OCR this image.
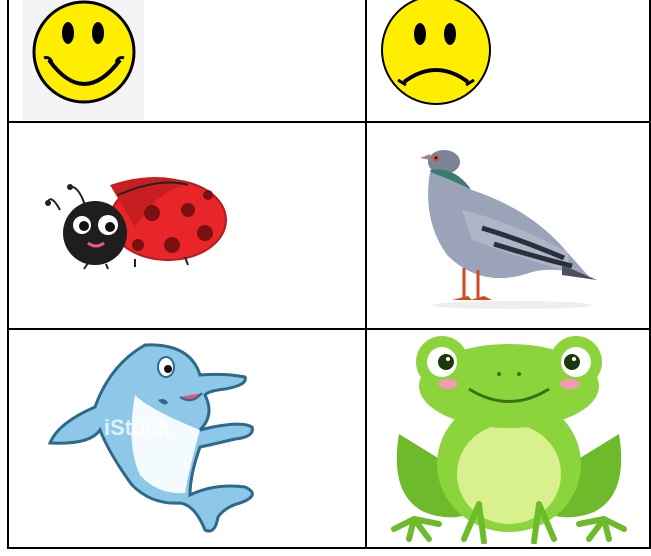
iStock
